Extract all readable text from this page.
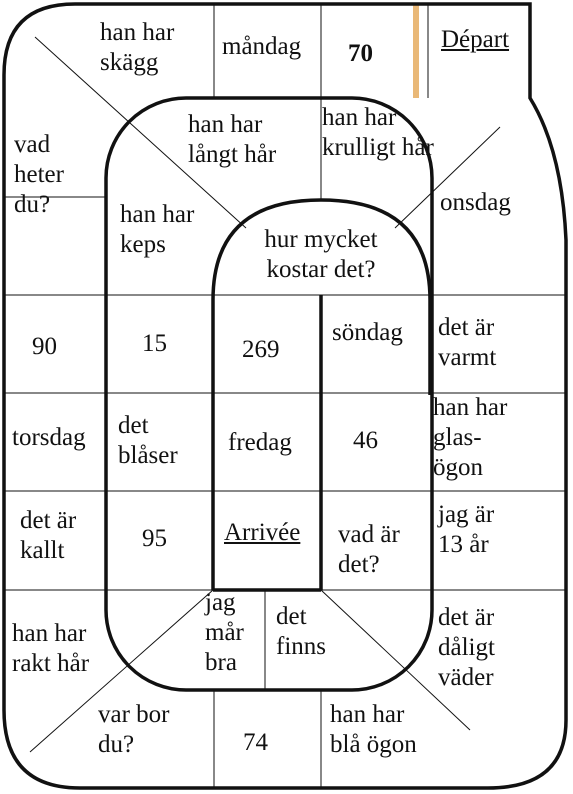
han har
skägg
måndag 70
Départ
vad
heter
du?	onsdag
90
det är
varmt
torsdag
han har
glas-
ögon
det är
kallt
jag är
13 år
han har
rakt hår
det är
dåligt
väder
var bor
du?	74
han har
blå ögon
han har
långt hår
han har
krulligt hår
han har
keps
15	söndag
det
blåser
46
95	vad är
det?
jag
mår
bra
det
finns
hur mycket
kostar det?
269
fredag
Arrivée
